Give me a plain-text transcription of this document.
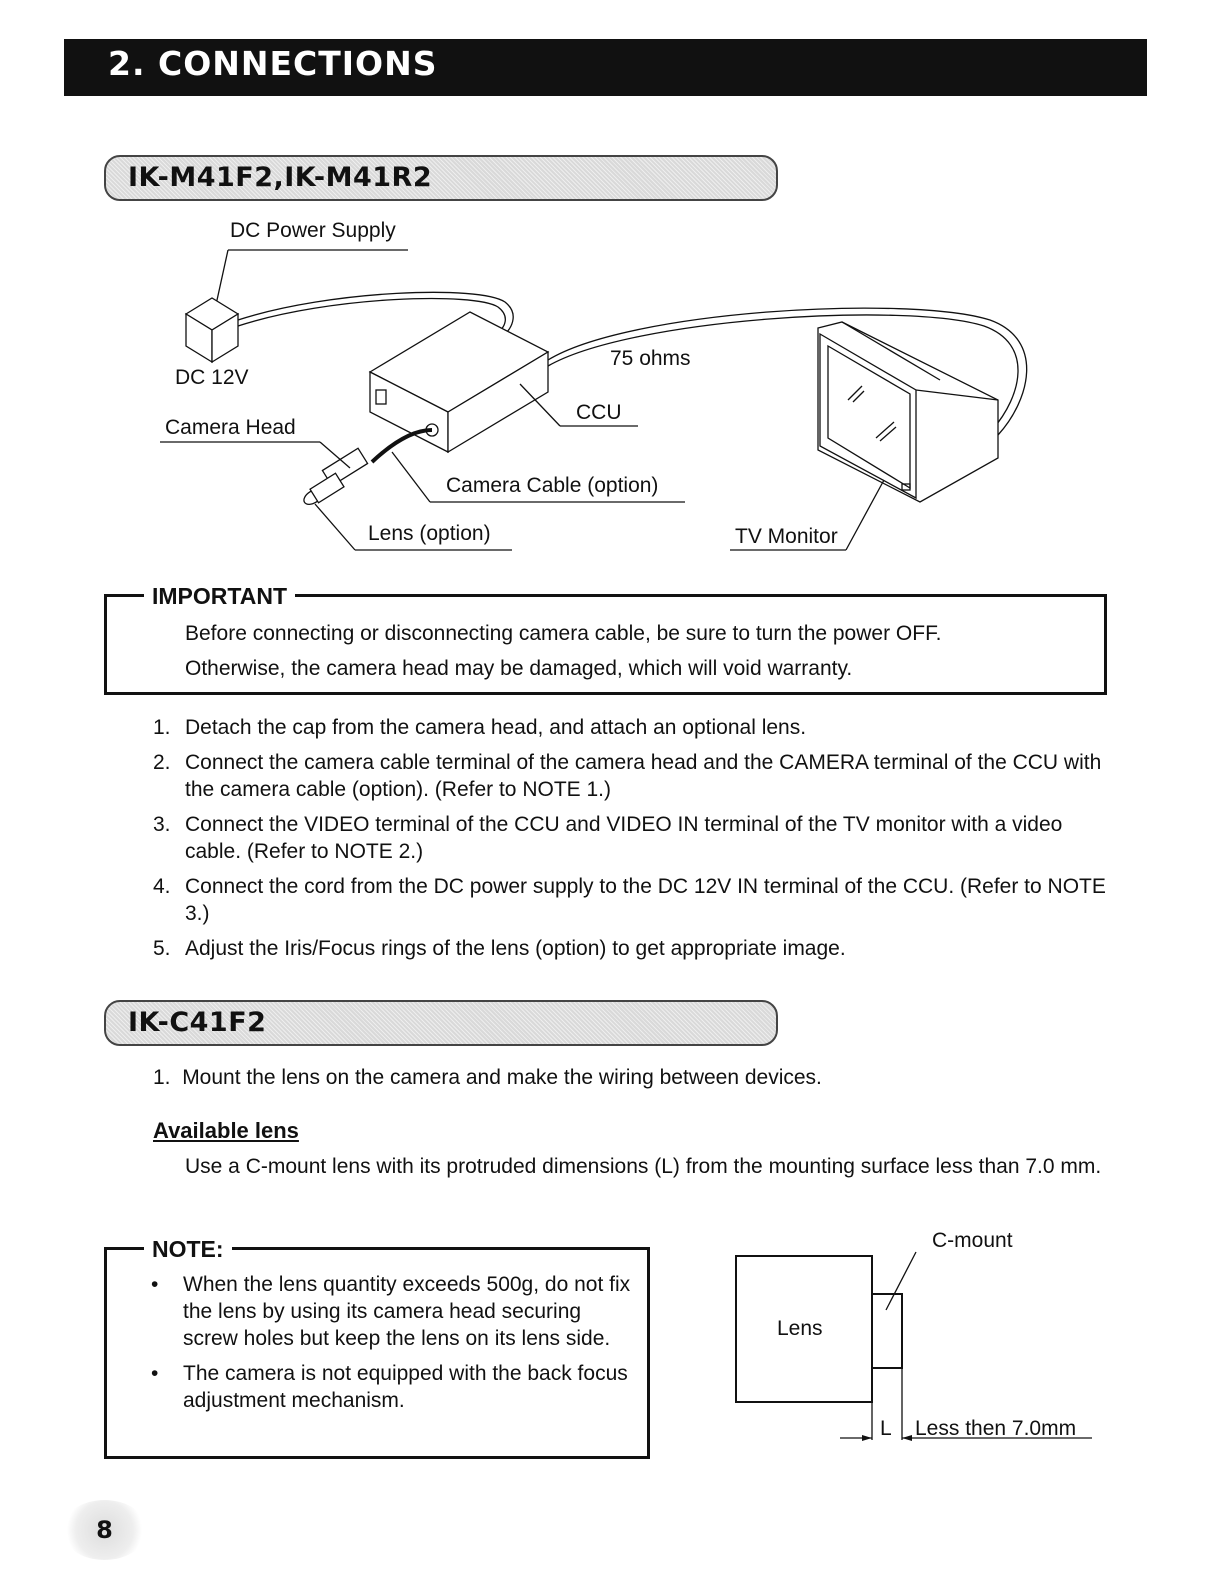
2. CONNECTIONS
IK-M41F2,IK-M41R2
DC Power Supply
DC 12V
Camera Head
75 ohms
CCU
Camera Cable (option)
Lens (option)	TV Monitor
IMPORTANT
Before connecting or disconnecting camera cable, be sure to turn the power OFF.
Otherwise, the camera head may be damaged, which will void warranty.
1. Detach the cap from the camera head, and attach an optional lens.
2. Connect the camera cable terminal of the camera head and the CAMERA terminal of the CCU with the camera cable (option). (Refer to NOTE 1.)
3. Connect the VIDEO terminal of the CCU and VIDEO IN terminal of the TV monitor with a video cable. (Refer to NOTE 2.)
4. Connect the cord from the DC power supply to the DC 12V IN terminal of the CCU. (Refer to NOTE 3.)
5. Adjust the Iris/Focus rings of the lens (option) to get appropriate image.
IK-C41F2
1. Mount the lens on the camera and make the wiring between devices.
Available lens
Use a C-mount lens with its protruded dimensions (L) from the mounting surface less than 7.0 mm.
NOTE:
• When the lens quantity exceeds 500g, do not fix the lens by using its camera head securing screw holes but keep the lens on its lens side.
• The camera is not equipped with the back focus adjustment mechanism.
C-mount
Lens
L Less then 7.0mm
8
